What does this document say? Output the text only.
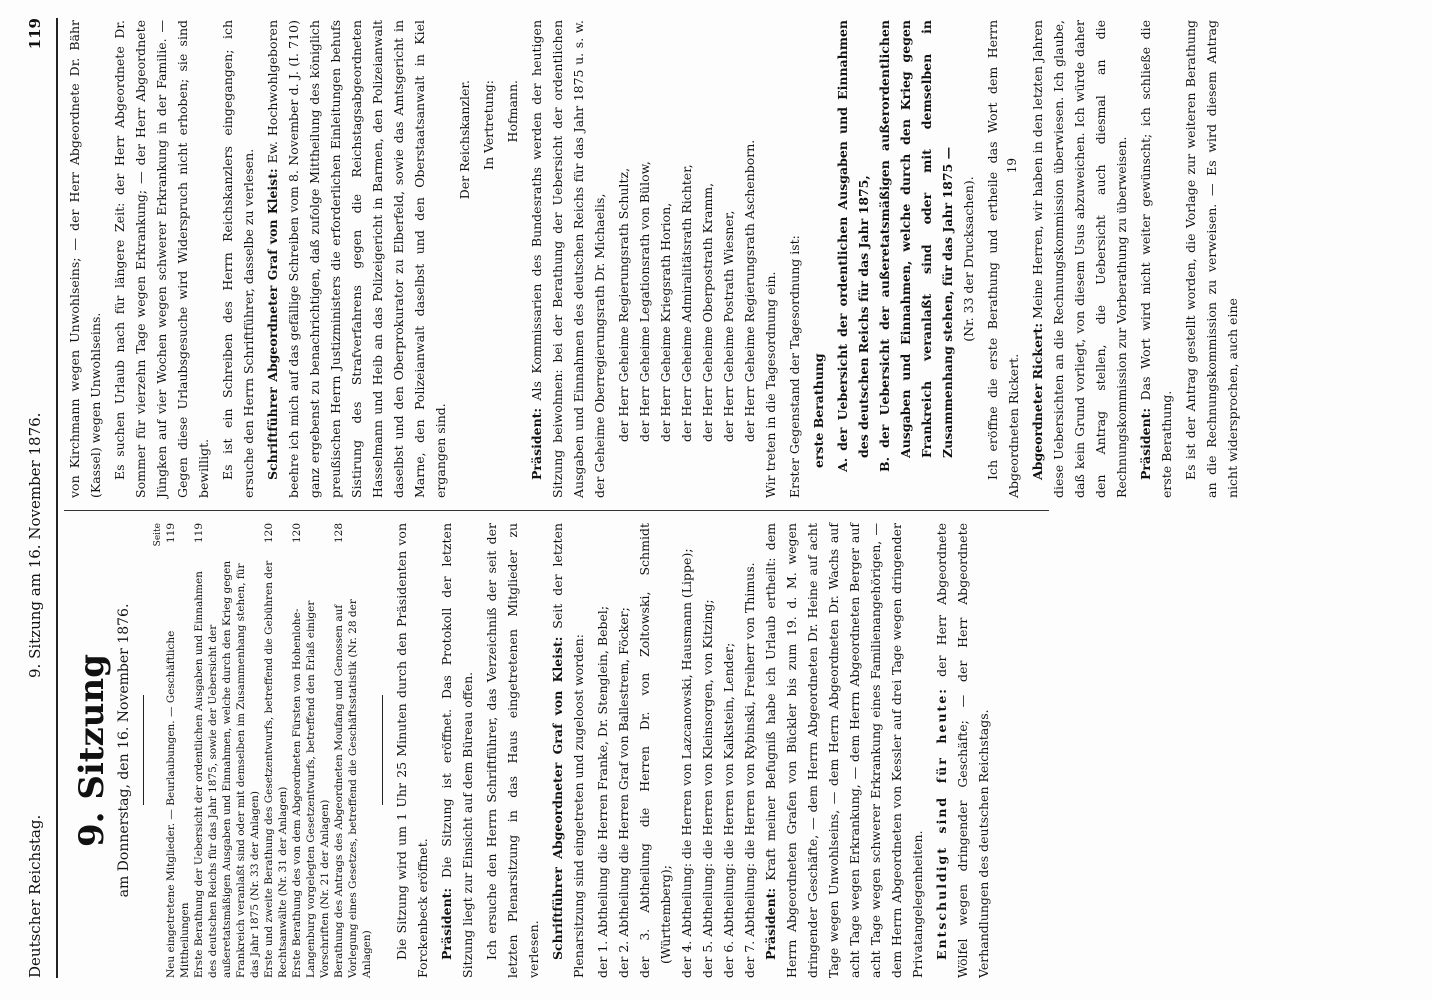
Deutscher Reichstag.
9. Sitzung am 16. November 1876.
119
9. Sitzung am Donnerstag, den 16. November 1876.
Seite
Neu eingetretene Mitglieder. — Beurlaubungen. — Geschäftliche Mittheilungen
119
Erste Berathung der Uebersicht der ordentlichen Ausgaben und Einnahmen des deutschen Reichs für das Jahr 1875, sowie der Uebersicht der außeretatsmäßigen Ausgaben und Einnahmen, welche durch den Krieg gegen Frankreich veranlaßt sind oder mit demselben im Zusammenhang stehen, für das Jahr 1875 (Nr. 33 der Anlagen)
119
Erste und zweite Berathung des Gesetzentwurfs, betreffend die Gebühren der Rechtsanwälte (Nr. 31 der Anlagen)
120
Erste Berathung des von dem Abgeordneten Fürsten von Hohenlohe-Langenburg vorgelegten Gesetzentwurfs, betreffend den Erlaß einiger Vorschriften (Nr. 21 der Anlagen)
120
Berathung des Antrags des Abgeordneten Moufang und Genossen auf Vorlegung eines Gesetzes, betreffend die Geschäftsstatistik (Nr. 28 der Anlagen)
128	Die Sitzung wird um 1 Uhr 25 Minuten durch den Präsidenten von Forckenbeck eröffnet. Präsident: Die Sitzung ist eröffnet. Das Protokoll der letzten Sitzung liegt zur Einsicht auf dem Büreau offen. Ich ersuche den Herrn Schriftführer, das Verzeichniß der seit der letzten Plenarsitzung in das Haus eingetretenen Mitglieder zu verlesen. Schriftführer Abgeordneter Graf von Kleist: Seit der letzten Plenarsitzung sind eingetreten und zugeloost worden: der 1. Abtheilung die Herren Franke, Dr. Stenglein, Bebel; der 2. Abtheilung die Herren Graf von Ballestrem, Föcker; der 3. Abtheilung die Herren Dr. von Zoltowski, Schmidt (Württemberg); der 4. Abtheilung: die Herren von Lazcanowski, Hausmann (Lippe); der 5. Abtheilung: die Herren von Kleinsorgen, von Kitzing; der 6. Abtheilung: die Herren von Kalkstein, Lender; der 7. Abtheilung: die Herren von Rybinski, Freiherr von Thimus. Präsident: Kraft meiner Befugniß habe ich Urlaub ertheilt: dem Herrn Abgeordneten Grafen von Bückler bis zum 19. d. M. wegen dringender Geschäfte, — dem Herrn Abgeordneten Dr. Heine auf acht Tage wegen Unwohlseins, — dem Herrn Abgeordneten Dr. Wachs auf acht Tage wegen Erkrankung, — dem Herrn Abgeordneten Berger auf acht Tage wegen schwerer Erkrankung eines Familienangehörigen, — dem Herrn Abgeordneten von Kessler auf drei Tage wegen dringender Privatangelegenheiten. Entschuldigt sind für heute: der Herr Abgeordnete Wölfel wegen dringender Geschäfte; — der Herr Abgeordnete Verhandlungen des deutschen Reichstags.

von Kirchmann wegen Unwohlseins; — der Herr Abgeordnete Dr. Bähr (Kassel) wegen Unwohlseins. Es suchen Urlaub nach für längere Zeit: der Herr Abgeordnete Dr. Sommer für vierzehn Tage wegen Erkrankung; — der Herr Abgeordnete Jüngken auf vier Wochen wegen schwerer Erkrankung in der Familie. — Gegen diese Urlaubsgesuche wird Widerspruch nicht erhoben; sie sind bewilligt. Es ist ein Schreiben des Herrn Reichskanzlers eingegangen; ich ersuche den Herrn Schriftführer, dasselbe zu verlesen. Schriftführer Abgeordneter Graf von Kleist: Ew. Hochwohlgeboren beehre ich mich auf das gefällige Schreiben vom 8. November d. J. (I. 710) ganz ergebenst zu benachrichtigen, daß zufolge Mittheilung des königlich preußischen Herrn Justizministers die erforderlichen Einleitungen behufs Sistirung des Strafverfahrens gegen die Reichstagsabgeordneten Hasselmann und Heib an das Polizeigericht in Barmen, den Polizeianwalt daselbst und den Oberprokurator zu Elberfeld, sowie das Amtsgericht in Marne, den Polizeianwalt daselbst und den Oberstaatsanwalt in Kiel ergangen sind.

Der Reichskanzler. In Vertretung: Hofmann.

Präsident: Als Kommissarien des Bundesraths werden der heutigen Sitzung beiwohnen: bei der Berathung der Uebersicht der ordentlichen Ausgaben und Einnahmen des deutschen Reichs für das Jahr 1875 u. s. w. der Geheime Oberregierungsrath Dr. Michaelis, der Herr Geheime Regierungsrath Schultz, der Herr Geheime Legationsrath von Bülow, der Herr Geheime Kriegsrath Horion, der Herr Geheime Admiralitätsrath Richter, der Herr Geheime Oberpostrath Kramm, der Herr Geheime Postrath Wiesner, der Herr Geheime Regierungsrath Aschenborn. Wir treten in die Tagesordnung ein. Erster Gegenstand der Tagesordnung ist: erste Berathung A. der Uebersicht der ordentlichen Ausgaben und Einnahmen des deutschen Reichs für das Jahr 1875, B. der Uebersicht der außeretatsmäßigen außerordentlichen Ausgaben und Einnahmen, welche durch den Krieg gegen Frankreich veranlaßt sind oder mit demselben in Zusammenhang stehen, für das Jahr 1875 — (Nr. 33 der Drucksachen). Ich eröffne die erste Berathung und ertheile das Wort dem Herrn Abgeordneten Rickert. Abgeordneter Rickert: Meine Herren, wir haben in den letzten Jahren diese Uebersichten an die Rechnungskommission überwiesen. Ich glaube, daß kein Grund vorliegt, von diesem Usus abzuweichen. Ich würde daher den Antrag stellen, die Uebersicht auch diesmal an die Rechnungskommission zur Vorberathung zu überweisen. Präsident: Das Wort wird nicht weiter gewünscht; ich schließe die erste Berathung. Es ist der Antrag gestellt worden, die Vorlage zur weiteren Berathung an die Rechnungskommission zu verweisen. — Es wird diesem Antrag nicht widersprochen, auch eine

19
